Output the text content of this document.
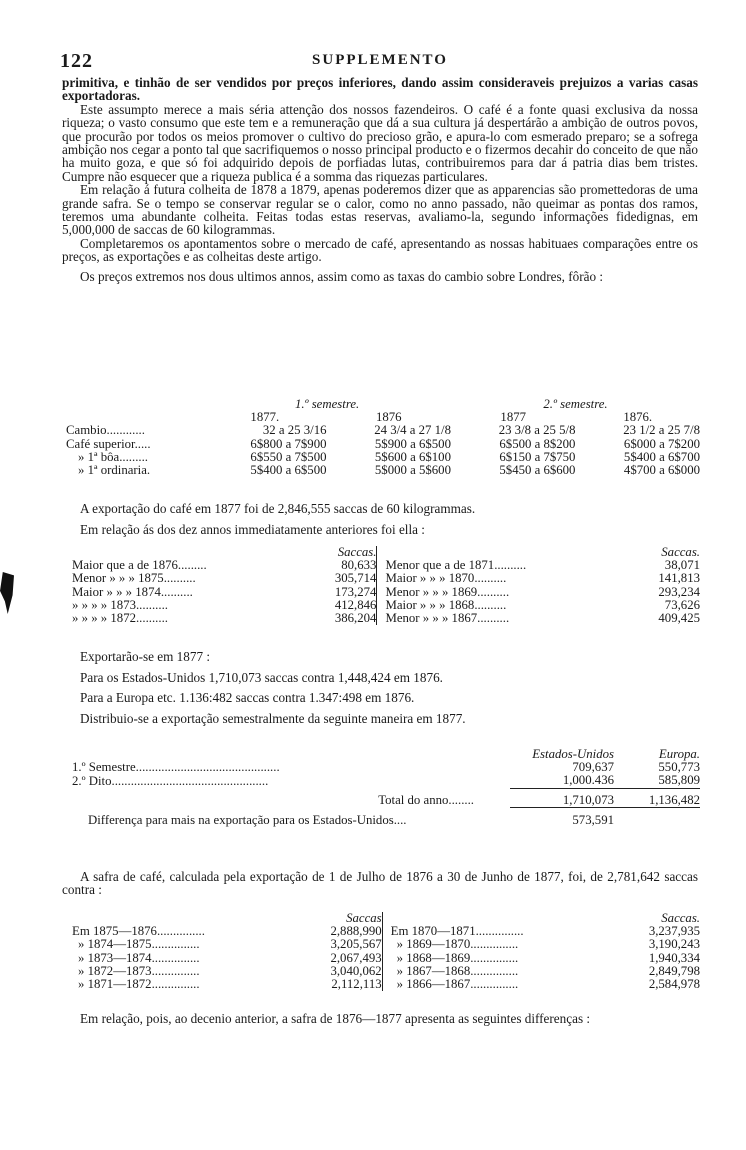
122	SUPPLEMENTO

primitiva, e tinhão de ser vendidos por preços inferiores, dando assim consideraveis prejuizos a varias casas exportadoras.

Este assumpto merece a mais séria attenção dos nossos fazendeiros. O café é a fonte quasi exclusiva da nossa riqueza; o vasto consumo que este tem e a remuneração que dá a sua cultura já despertárão a ambição de outros povos, que procurão por todos os meios promover o cultivo do precioso grão, e apura-lo com esmerado preparo; se a sofrega ambição nos cegar a ponto tal que sacrifiquemos o nosso principal producto e o fizermos decahir do conceito de que não ha muito goza, e que só foi adquirido depois de porfiadas lutas, contribuiremos para dar á patria dias bem tristes. Cumpre não esquecer que a riqueza publica é a somma das riquezas particulares.

Em relação á futura colheita de 1878 a 1879, apenas poderemos dizer que as apparencias são promettedoras de uma grande safra. Se o tempo se conservar regular se o calor, como no anno passado, não queimar as pontas dos ramos, teremos uma abundante colheita. Feitas todas estas reservas, avaliamo-la, segundo informações fidedignas, em 5,000,000 de saccas de 60 kilogrammas.

Completaremos os apontamentos sobre o mercado de café, apresentando as nossas habituaes comparações entre os preços, as exportações e as colheitas deste artigo.

Os preços extremos nos dous ultimos annos, assim como as taxas do cambio sobre Londres, fôrão :

	1.º semestre.		2.º semestre.	
	1877.	1876	1877	1876.
Cambio............	32 a 25 3/16	24 3/4 a 27 1/8	23 3/8 a 25 5/8	23 1/2 a 25 7/8
Café superior.....	6$800 a 7$900	5$900 a 6$500	6$500 a 8$200	6$000 a 7$200
» 1ª bôa.........	6$550 a 7$500	5$600 a 6$100	6$150 a 7$750	5$400 a 6$700
» 1ª ordinaria.	5$400 a 6$500	5$000 a 5$600	5$450 a 6$600	4$700 a 6$000

A exportação do café em 1877 foi de 2,846,555 saccas de 60 kilogrammas.

Em relação ás dos dez annos immediatamente anteriores foi ella :

	Saccas.			Saccas.
Maior que a de 1876.........	80,633		Menor que a de 1871..........	38,071
Menor » » » 1875..........	305,714		Maior » » » 1870..........	141,813
Maior » » » 1874..........	173,274		Menor » » » 1869..........	293,234
» » » » 1873..........	412,846		Maior » » » 1868..........	73,626
» » » » 1872..........	386,204		Menor » » » 1867..........	409,425

Exportarão-se em 1877 :

Para os Estados-Unidos 1,710,073 saccas contra 1,448,424 em 1876.

Para a Europa etc. 1.136:482 saccas contra 1.347:498 em 1876.

Distribuio-se a exportação semestralmente da seguinte maneira em 1877.

	Estados-Unidos	Europa.
1.º Semestre.............................................	709,637	550,773
2.º Dito.................................................	1,000.436	585,809

Total do anno........	1,710,073	1,136,482

Differença para mais na exportação para os Estados-Unidos....	573,591	

A safra de café, calculada pela exportação de 1 de Julho de 1876 a 30 de Junho de 1877, foi, de 2,781,642 saccas contra :

	Saccas			Saccas.
Em 1875—1876...............	2,888,990		Em 1870—1871...............	3,237,935
» 1874—1875...............	3,205,567		» 1869—1870...............	3,190,243
» 1873—1874...............	2,067,493		» 1868—1869...............	1,940,334
» 1872—1873...............	3,040,062		» 1867—1868...............	2,849,798
» 1871—1872...............	2,112,113		» 1866—1867...............	2,584,978

Em relação, pois, ao decenio anterior, a safra de 1876—1877 apresenta as seguintes differenças :
